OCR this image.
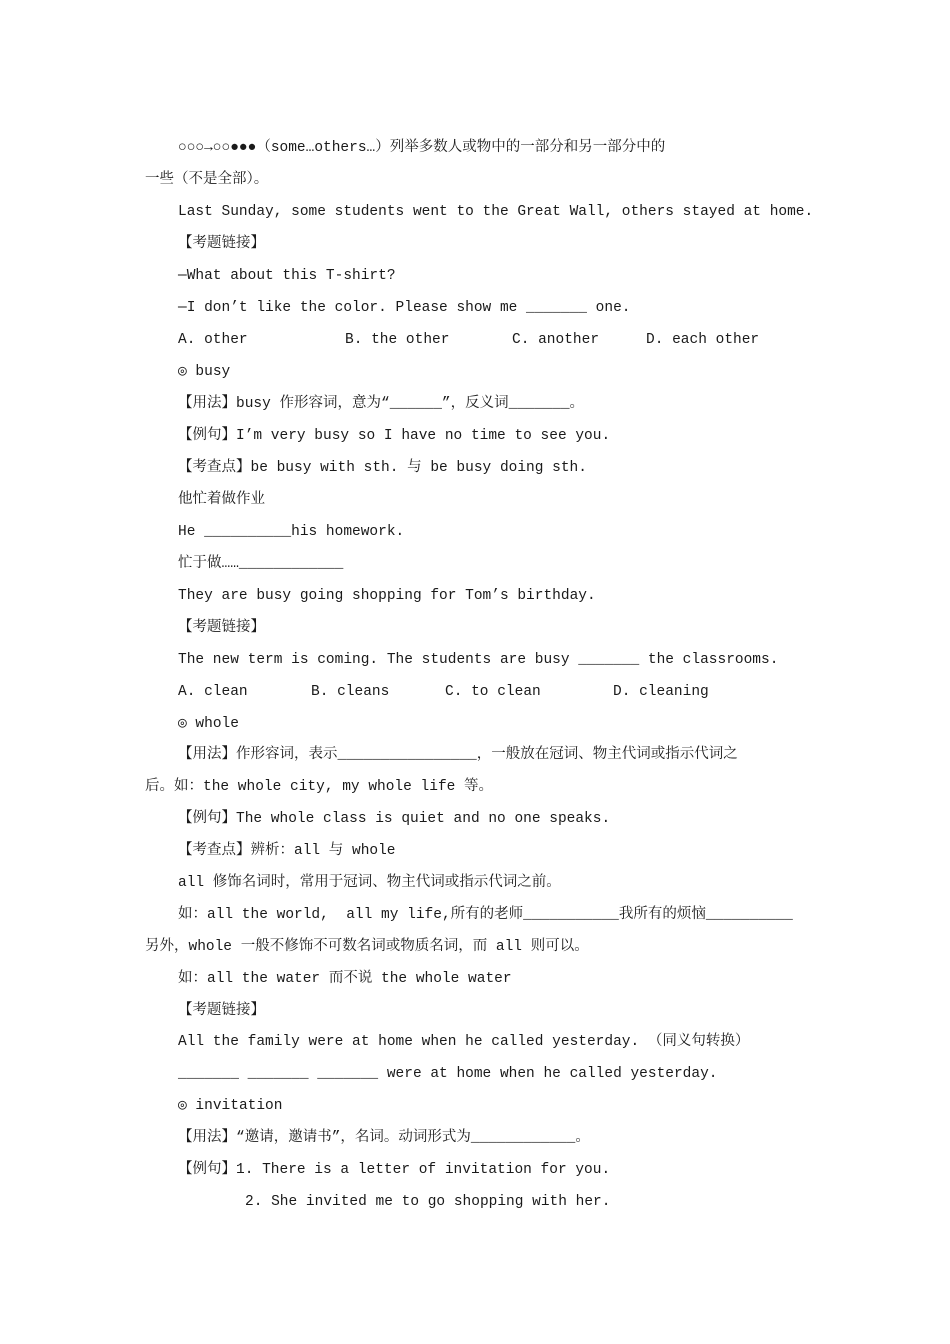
○○○→○○●●●（some…others…）列举多数人或物中的一部分和另一部分中的
一些（不是全部）。
Last Sunday, some students went to the Great Wall, others stayed at home.
【考题链接】
—What about this T-shirt?
—I don’t like the color. Please show me _______ one.
A. other	B. the other	C. another	D. each other
◎ busy
【用法】busy 作形容词，意为“______”，反义词_______。
【例句】I’m very busy so I have no time to see you.
【考查点】be busy with sth. 与 be busy doing sth.
他忙着做作业
He __________his homework.
忙于做……____________
They are busy going shopping for Tom’s birthday.
【考题链接】
The new term is coming. The students are busy _______ the classrooms.
A. clean	B. cleans	C. to clean	D. cleaning
◎ whole
【用法】作形容词，表示________________，一般放在冠词、物主代词或指示代词之
后。如：the whole city, my whole life 等。
【例句】The whole class is quiet and no one speaks.
【考查点】辨析：all 与 whole
all 修饰名词时，常用于冠词、物主代词或指示代词之前。
如：all the world,  all my life,所有的老师___________我所有的烦恼__________
另外，whole 一般不修饰不可数名词或物质名词，而 all 则可以。
如：all the water 而不说 the whole water
【考题链接】
All the family were at home when he called yesterday. （同义句转换）
_______ _______ _______ were at home when he called yesterday.
◎ invitation
【用法】“邀请，邀请书”，名词。动词形式为____________。
【例句】1. There is a letter of invitation for you.
2. She invited me to go shopping with her.
